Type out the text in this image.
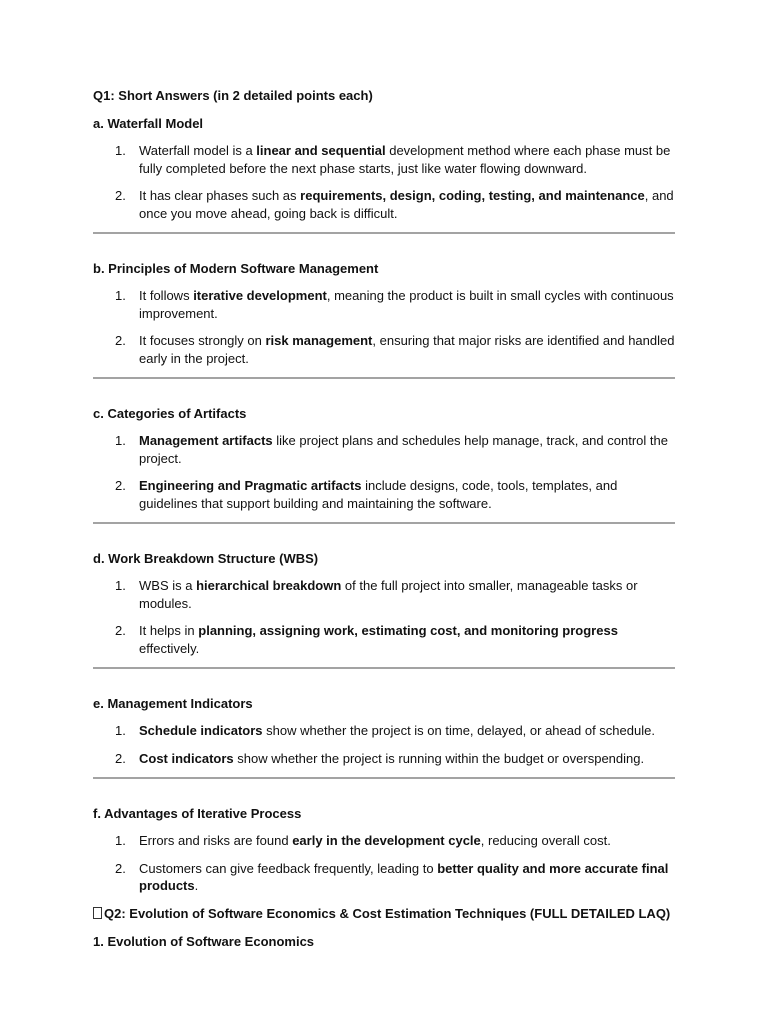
Q1: Short Answers (in 2 detailed points each)

a. Waterfall Model

1. Waterfall model is a linear and sequential development method where each phase must be fully completed before the next phase starts, just like water flowing downward.
2. It has clear phases such as requirements, design, coding, testing, and maintenance, and once you move ahead, going back is difficult.

b. Principles of Modern Software Management

1. It follows iterative development, meaning the product is built in small cycles with continuous improvement.
2. It focuses strongly on risk management, ensuring that major risks are identified and handled early in the project.

c. Categories of Artifacts

1. Management artifacts like project plans and schedules help manage, track, and control the project.
2. Engineering and Pragmatic artifacts include designs, code, tools, templates, and guidelines that support building and maintaining the software.

d. Work Breakdown Structure (WBS)

1. WBS is a hierarchical breakdown of the full project into smaller, manageable tasks or modules.
2. It helps in planning, assigning work, estimating cost, and monitoring progress effectively.

e. Management Indicators

1. Schedule indicators show whether the project is on time, delayed, or ahead of schedule.
2. Cost indicators show whether the project is running within the budget or overspending.

f. Advantages of Iterative Process

1. Errors and risks are found early in the development cycle, reducing overall cost.
2. Customers can give feedback frequently, leading to better quality and more accurate final products.

Q2: Evolution of Software Economics & Cost Estimation Techniques (FULL DETAILED LAQ)

1. Evolution of Software Economics
